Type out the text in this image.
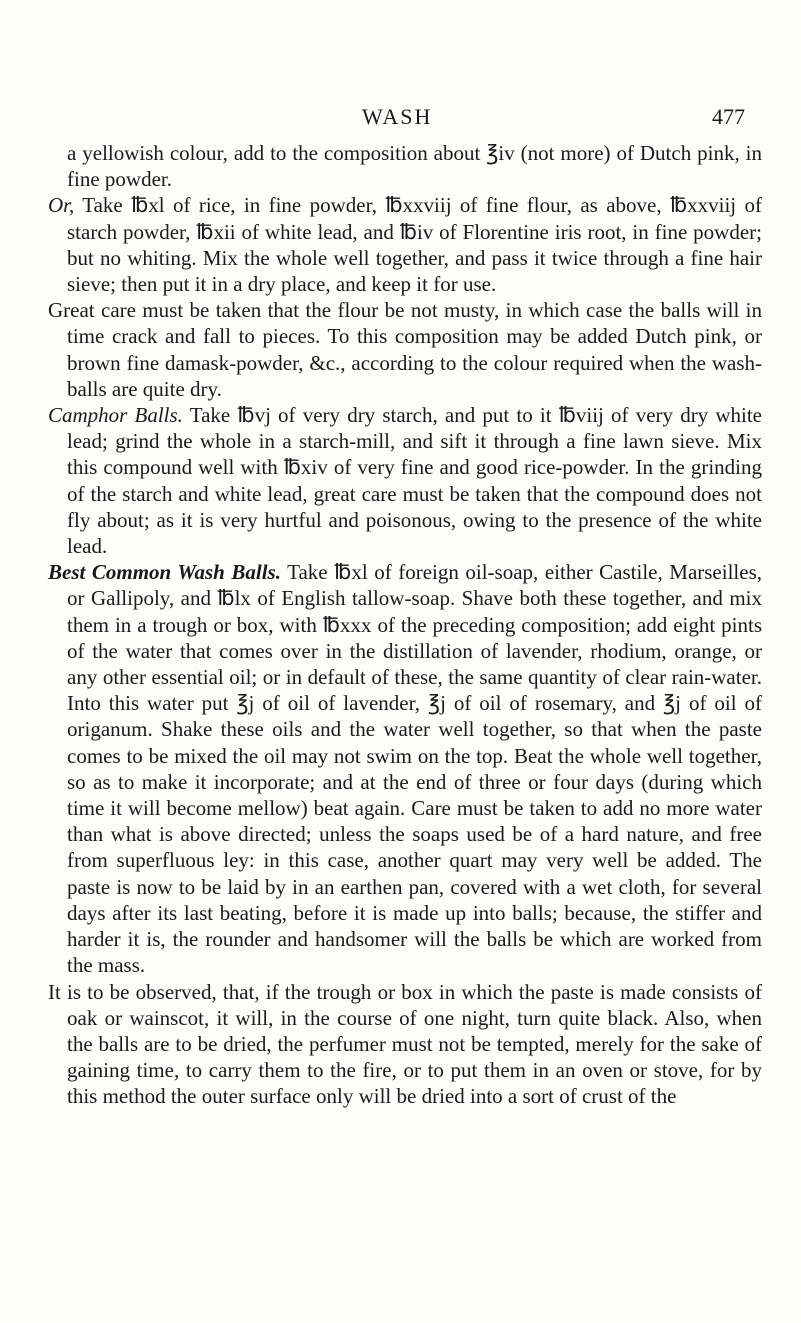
WASH	477

a yellowish colour, add to the composition about ℥iv (not more) of Dutch pink, in fine powder.

Or, Take ℔xl of rice, in fine powder, ℔xxviij of fine flour, as above, ℔xxviij of starch powder, ℔xii of white lead, and ℔iv of Florentine iris root, in fine powder; but no whiting. Mix the whole well together, and pass it twice through a fine hair sieve; then put it in a dry place, and keep it for use.

Great care must be taken that the flour be not musty, in which case the balls will in time crack and fall to pieces. To this composition may be added Dutch pink, or brown fine damask-powder, &c., according to the colour required when the wash-balls are quite dry.

Camphor Balls. Take ℔vj of very dry starch, and put to it ℔viij of very dry white lead; grind the whole in a starch-mill, and sift it through a fine lawn sieve. Mix this compound well with ℔xiv of very fine and good rice-powder. In the grinding of the starch and white lead, great care must be taken that the compound does not fly about; as it is very hurtful and poisonous, owing to the presence of the white lead.

Best Common Wash Balls. Take ℔xl of foreign oil-soap, either Castile, Marseilles, or Gallipoly, and ℔lx of English tallow-soap. Shave both these together, and mix them in a trough or box, with ℔xxx of the preceding composition; add eight pints of the water that comes over in the distillation of lavender, rhodium, orange, or any other essential oil; or in default of these, the same quantity of clear rain-water. Into this water put ℥j of oil of lavender, ℥j of oil of rosemary, and ℥j of oil of origanum. Shake these oils and the water well together, so that when the paste comes to be mixed the oil may not swim on the top. Beat the whole well together, so as to make it incorporate; and at the end of three or four days (during which time it will become mellow) beat again. Care must be taken to add no more water than what is above directed; unless the soaps used be of a hard nature, and free from superfluous ley: in this case, another quart may very well be added. The paste is now to be laid by in an earthen pan, covered with a wet cloth, for several days after its last beating, before it is made up into balls; because, the stiffer and harder it is, the rounder and handsomer will the balls be which are worked from the mass.

It is to be observed, that, if the trough or box in which the paste is made consists of oak or wainscot, it will, in the course of one night, turn quite black. Also, when the balls are to be dried, the perfumer must not be tempted, merely for the sake of gaining time, to carry them to the fire, or to put them in an oven or stove, for by this method the outer surface only will be dried into a sort of crust of the
